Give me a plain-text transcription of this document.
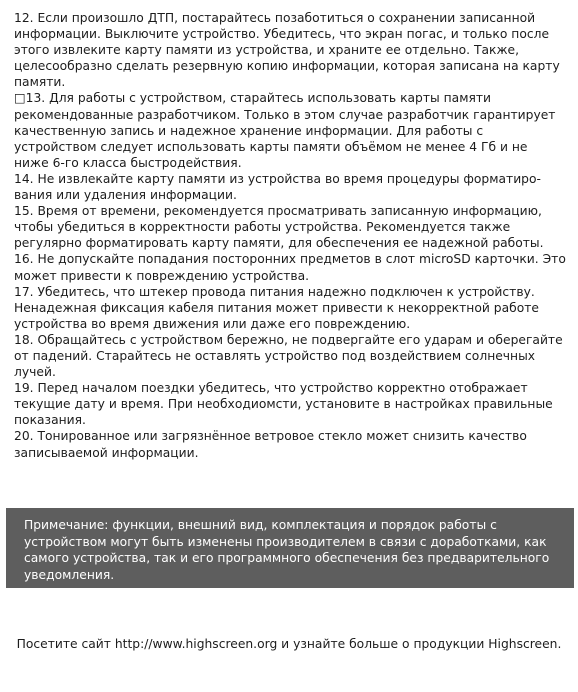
12. Если произошло ДТП, постарайтесь позаботиться о сохранении записанной информации. Выключите устройство. Убедитесь, что экран погас, и только после этого извлеките карту памяти из устройства, и храните ее отдельно. Также, целесообразно сделать резервную копию информации, которая записана на карту памяти.

□13. Для работы с устройством, старайтесь использовать карты памяти рекомендованные разработчиком. Только в этом случае разработчик гарантирует качественную запись и надежное хранение информации. Для работы с устройством следует использовать карты памяти объёмом не менее 4 Гб и не ниже 6-го класса быстродействия.

14. Не извлекайте карту памяти из устройства во время процедуры форматирования или удаления информации.

15. Время от времени, рекомендуется просматривать записанную информацию, чтобы убедиться в корректности работы устройства. Рекомендуется также регулярно форматировать карту памяти, для обеспечения ее надежной работы.

16. Не допускайте попадания посторонних предметов в слот microSD карточки. Это может привести к повреждению устройства.

17. Убедитесь, что штекер провода питания надежно подключен к устройству. Ненадежная фиксация кабеля питания может привести к некорректной работе устройства во время движения или даже его повреждению.

18. Обращайтесь с устройством бережно, не подвергайте его ударам и оберегайте от падений. Старайтесь не оставлять устройство под воздействием солнечных лучей.

19. Перед началом поездки убедитесь, что устройство корректно отображает текущие дату и время. При необходиомсти, установите в настройках правильные показания.

20. Тонированное или загрязнённое ветровое стекло может снизить качество записываемой информации.

Примечание: функции, внешний вид, комплектация и порядок работы с устройством могут быть изменены производителем в связи с доработками, как самого устройства, так и его программного обеспечения без предварительного уведомления.

Посетите сайт http://www.highscreen.org и узнайте больше о продукции Highscreen.
